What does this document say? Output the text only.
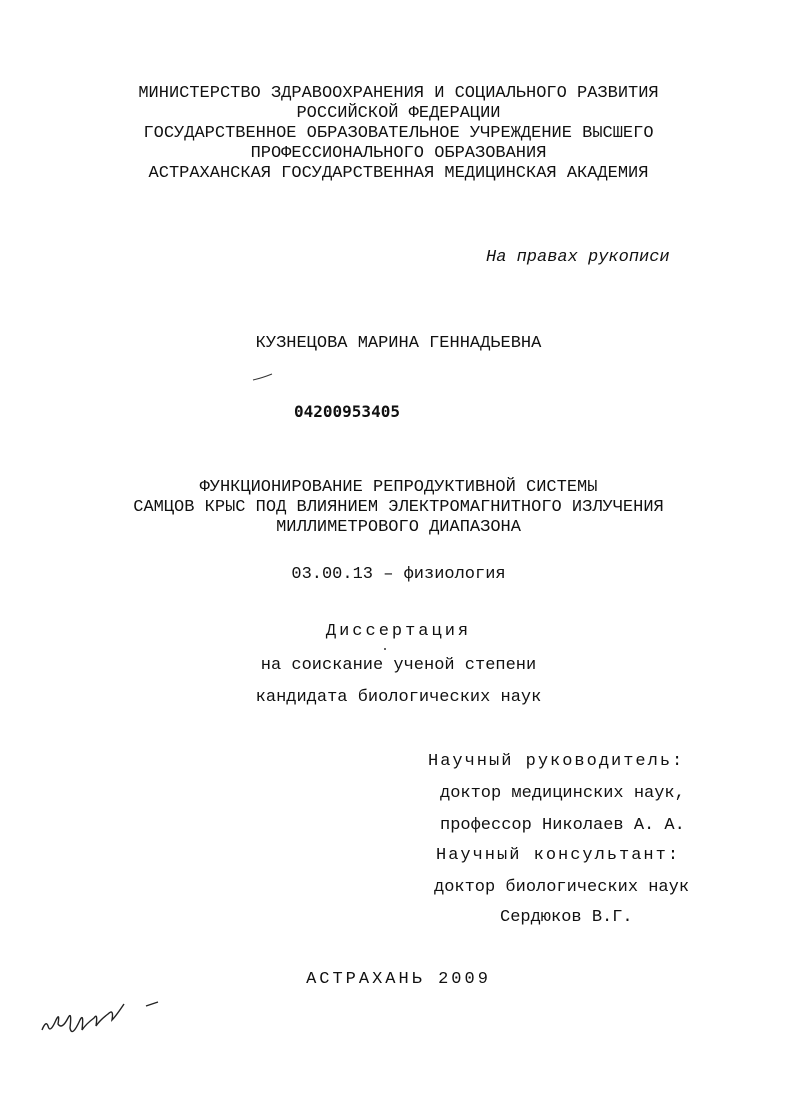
МИНИСТЕРСТВО ЗДРАВООХРАНЕНИЯ И СОЦИАЛЬНОГО РАЗВИТИЯ
РОССИЙСКОЙ ФЕДЕРАЦИИ
ГОСУДАРСТВЕННОЕ ОБРАЗОВАТЕЛЬНОЕ УЧРЕЖДЕНИЕ ВЫСШЕГО
ПРОФЕССИОНАЛЬНОГО ОБРАЗОВАНИЯ
АСТРАХАНСКАЯ ГОСУДАРСТВЕННАЯ МЕДИЦИНСКАЯ АКАДЕМИЯ
На правах рукописи
КУЗНЕЦОВА МАРИНА ГЕННАДЬЕВНА
04200953405
ФУНКЦИОНИРОВАНИЕ РЕПРОДУКТИВНОЙ СИСТЕМЫ
САМЦОВ КРЫС ПОД ВЛИЯНИЕМ ЭЛЕКТРОМАГНИТНОГО ИЗЛУЧЕНИЯ
МИЛЛИМЕТРОВОГО ДИАПАЗОНА
03.00.13 – физиология
Диссертация
на соискание ученой степени
кандидата биологических наук
Научный руководитель:
доктор медицинских наук,
профессор Николаев А. А.
Научный консультант:
доктор биологических наук
Сердюков В.Г.
АСТРАХАНЬ 2009
